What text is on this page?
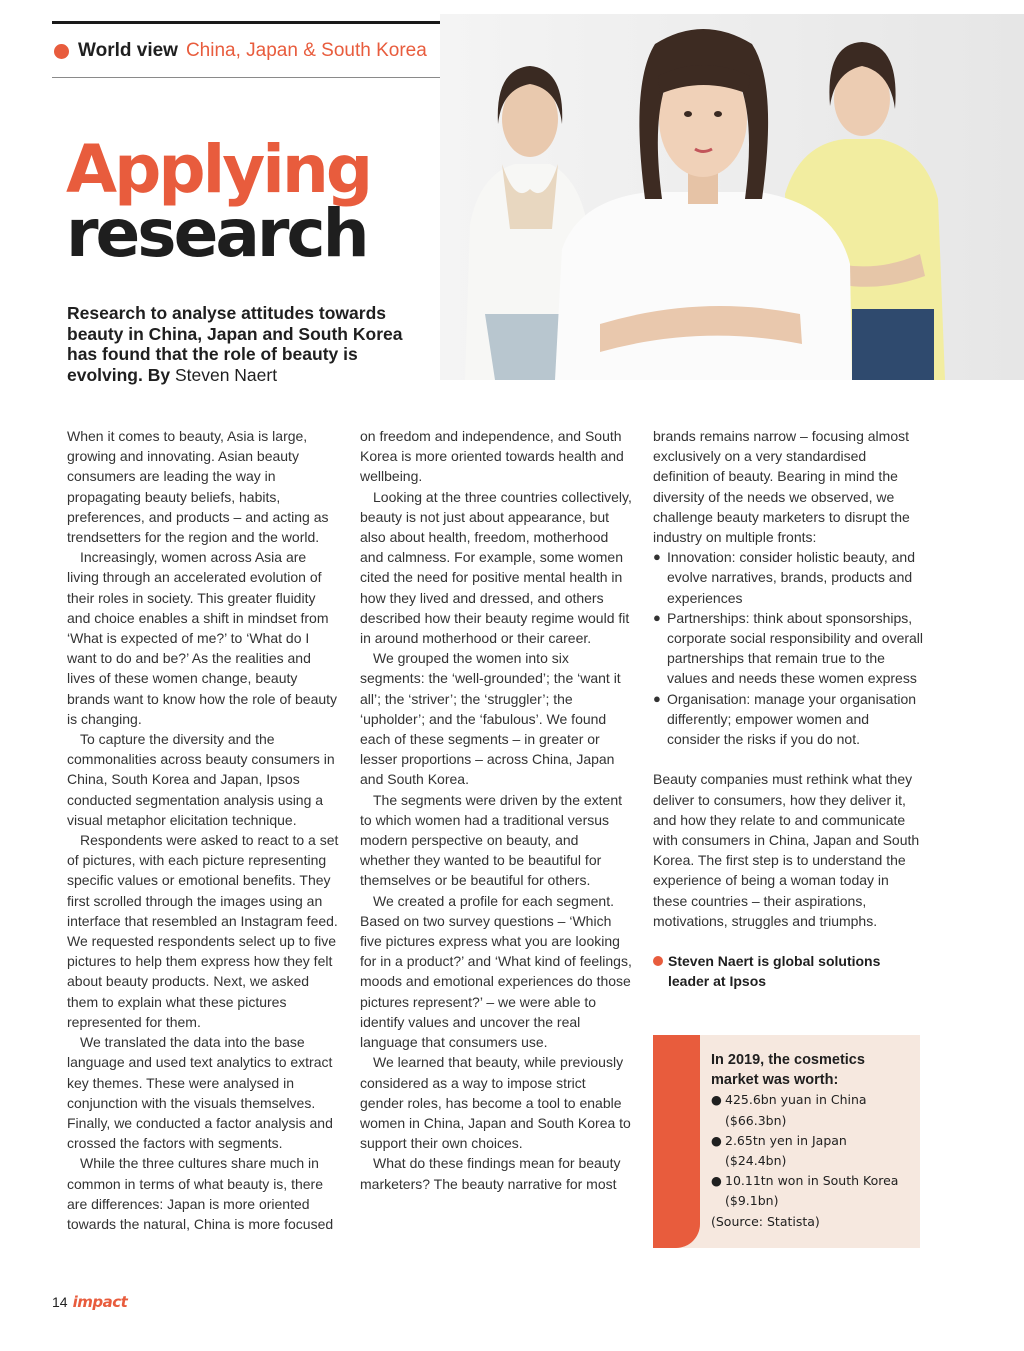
World view China, Japan & South Korea
Applying
research
Research to analyse attitudes towards beauty in China, Japan and South Korea has found that the role of beauty is evolving. By Steven Naert

When it comes to beauty, Asia is large, growing and innovating. Asian beauty consumers are leading the way in propagating beauty beliefs, habits, preferences, and products – and acting as trendsetters for the region and the world.

Increasingly, women across Asia are living through an accelerated evolution of their roles in society. This greater fluidity and choice enables a shift in mindset from ‘What is expected of me?’ to ‘What do I want to do and be?’ As the realities and lives of these women change, beauty brands want to know how the role of beauty is changing.

To capture the diversity and the commonalities across beauty consumers in China, South Korea and Japan, Ipsos conducted segmentation analysis using a visual metaphor elicitation technique.

Respondents were asked to react to a set of pictures, with each picture representing specific values or emotional benefits. They first scrolled through the images using an interface that resembled an Instagram feed. We requested respondents select up to five pictures to help them express how they felt about beauty products. Next, we asked them to explain what these pictures represented for them.

We translated the data into the base language and used text analytics to extract key themes. These were analysed in conjunction with the visuals themselves. Finally, we conducted a factor analysis and crossed the factors with segments.

While the three cultures share much in common in terms of what beauty is, there are differences: Japan is more oriented towards the natural, China is more focused

on freedom and independence, and South Korea is more oriented towards health and wellbeing.

Looking at the three countries collectively, beauty is not just about appearance, but also about health, freedom, motherhood and calmness. For example, some women cited the need for positive mental health in how they lived and dressed, and others described how their beauty regime would fit in around motherhood or their career.

We grouped the women into six segments: the ‘well-grounded’; the ‘want it all’; the ‘striver’; the ‘struggler’; the ‘upholder’; and the ‘fabulous’. We found each of these segments – in greater or lesser proportions – across China, Japan and South Korea.

The segments were driven by the extent to which women had a traditional versus modern perspective on beauty, and whether they wanted to be beautiful for themselves or be beautiful for others.

We created a profile for each segment. Based on two survey questions – ‘Which five pictures express what you are looking for in a product?’ and ‘What kind of feelings, moods and emotional experiences do those pictures represent?’ – we were able to identify values and uncover the real language that consumers use.

We learned that beauty, while previously considered as a way to impose strict gender roles, has become a tool to enable women in China, Japan and South Korea to support their own choices.

What do these findings mean for beauty marketers? The beauty narrative for most

brands remains narrow – focusing almost exclusively on a very standardised definition of beauty. Bearing in mind the diversity of the needs we observed, we challenge beauty marketers to disrupt the industry on multiple fronts:

● Innovation: consider holistic beauty, and evolve narratives, brands, products and experiences
● Partnerships: think about sponsorships, corporate social responsibility and overall partnerships that remain true to the values and needs these women express
● Organisation: manage your organisation differently; empower women and consider the risks if you do not.

Beauty companies must rethink what they deliver to consumers, how they deliver it, and how they relate to and communicate with consumers in China, Japan and South Korea. The first step is to understand the experience of being a woman today in these countries – their aspirations, motivations, struggles and triumphs.

Steven Naert is global solutions leader at Ipsos
In 2019, the cosmetics market was worth:
● 425.6bn yuan in China
($66.3bn)
● 2.65tn yen in Japan
($24.4bn)
● 10.11tn won in South Korea
($9.1bn)
(Source: Statista)
14 impact
